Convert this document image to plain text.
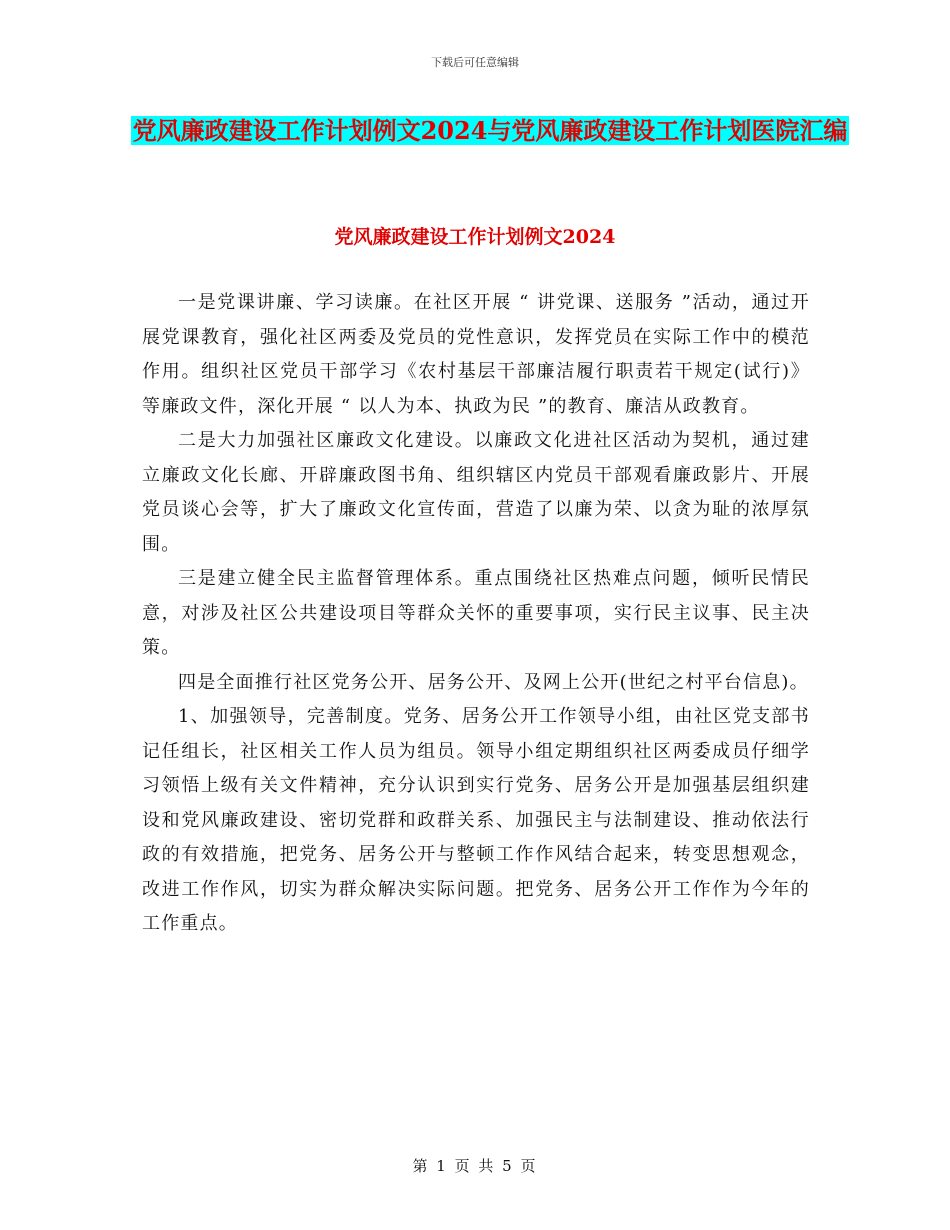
下载后可任意编辑
党风廉政建设工作计划例文2024与党风廉政建设工作计划医院汇编
党风廉政建设工作计划例文2024

一是党课讲廉、学习读廉。在社区开展 “ 讲党课、送服务 ”活动，通过开展党课教育，强化社区两委及党员的党性意识，发挥党员在实际工作中的模范作用。组织社区党员干部学习《农村基层干部廉洁履行职责若干规定(试行)》等廉政文件，深化开展 “ 以人为本、执政为民 ”的教育、廉洁从政教育。

二是大力加强社区廉政文化建设。以廉政文化进社区活动为契机，通过建立廉政文化长廊、开辟廉政图书角、组织辖区内党员干部观看廉政影片、开展党员谈心会等，扩大了廉政文化宣传面，营造了以廉为荣、以贪为耻的浓厚氛围。

三是建立健全民主监督管理体系。重点围绕社区热难点问题，倾听民情民意，对涉及社区公共建设项目等群众关怀的重要事项，实行民主议事、民主决策。

四是全面推行社区党务公开、居务公开、及网上公开(世纪之村平台信息)。

1、加强领导，完善制度。党务、居务公开工作领导小组，由社区党支部书记任组长，社区相关工作人员为组员。领导小组定期组织社区两委成员仔细学习领悟上级有关文件精神，充分认识到实行党务、居务公开是加强基层组织建设和党风廉政建设、密切党群和政群关系、加强民主与法制建设、推动依法行政的有效措施，把党务、居务公开与整顿工作作风结合起来，转变思想观念，改进工作作风，切实为群众解决实际问题。把党务、居务公开工作作为今年的工作重点。

第 1 页 共 5 页
